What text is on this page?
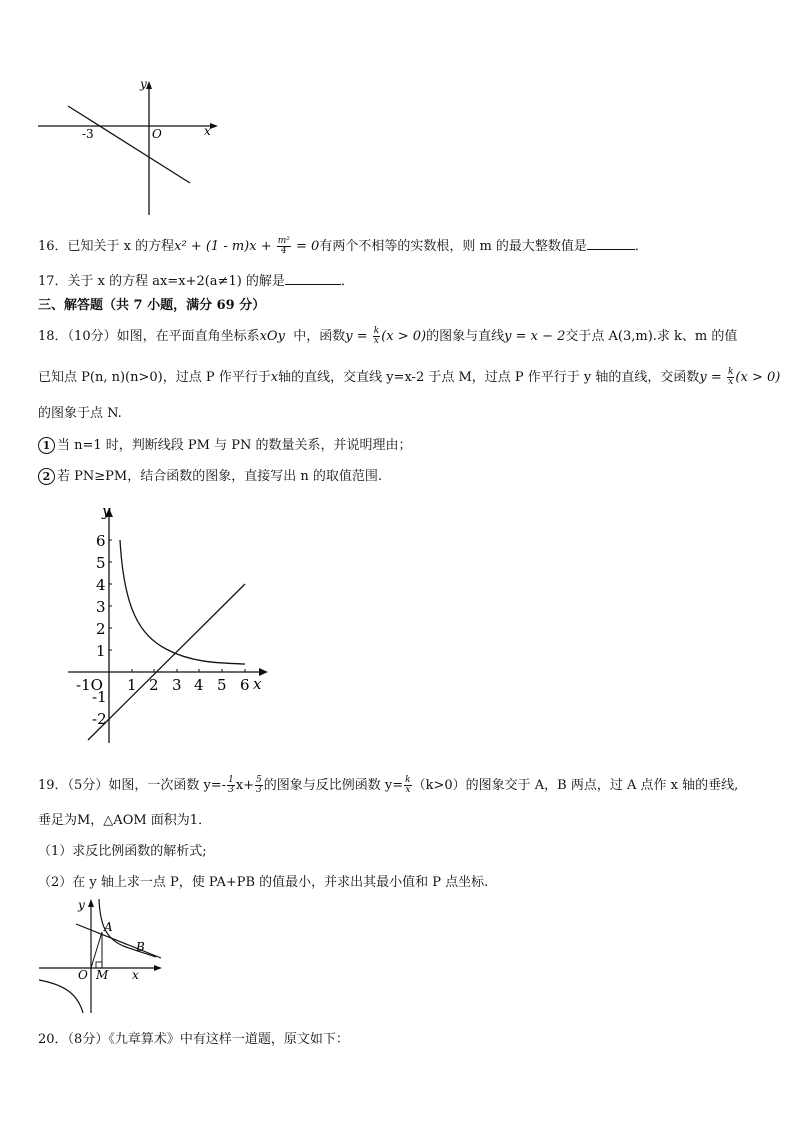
-3	O	x
y
16．已知关于 x 的方程$x^2 + (1 - m)x + \frac{\text{m²}}{4} = 0$有两个不相等的实数根，则 m 的最大整数值是	．
17．关于 x 的方程 ax=x+2(a≠1) 的解是	．
三、解答题（共 7 小题，满分 69 分）
18．（10分）如图，在平面直角坐标系xOy 中，函数$y = \frac{k}{x} (x > 0)$的图象与直线y = x − 2交于点 A(3,m).求 k、m 的值
已知点 P(n, n)(n>0)，过点 P 作平行于x轴的直线，交直线 y=x-2 于点 M，过点 P 作平行于 y 轴的直线，交函数$y = \frac{k}{x} (x > 0)$
的图象于点 N.
1 当 n=1 时，判断线段 PM 与 PN 的数量关系，并说明理由；
2 若 PN≥PM，结合函数的图象，直接写出 n 的取值范围.
y
x
-1O 1 2 3 4 5 6
6
5
4
3
2
1
-1
-2
19．（5分）如图，一次函数 $y=- \frac{1}{3} x+ \frac{5}{3}$ 的图象与反比例函数 $y= \frac{k}{x} (k>0)$的图象交于 A，B 两点，过 A 点作 x 轴的垂线,
垂足为M，△AOM 面积为1．
（1）求反比例函数的解析式;
（2）在 y 轴上求一点 P，使 PA+PB 的值最小，并求出其最小值和 P 点坐标.
y
x
O
A
B
M
20．（8分）《九章算术》中有这样一道题，原文如下：
